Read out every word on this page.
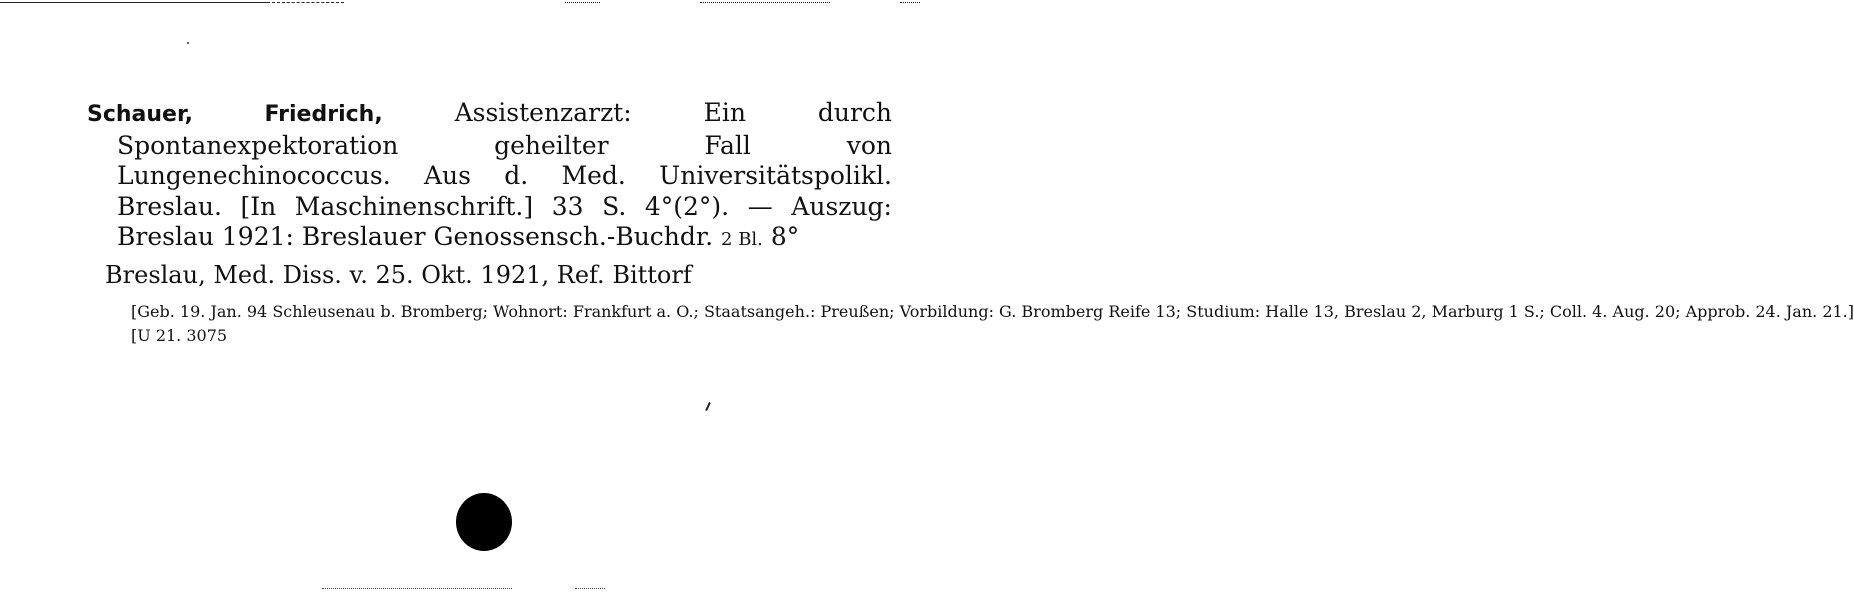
Schauer, Friedrich,	Assistenzarzt: Ein durch Spontanexpektoration geheilter Fall von Lungenechinococcus. Aus d. Med. Universitätspolikl. Breslau. [In Maschinenschrift.] 33 S. 4°(2°). — Auszug: Breslau 1921: Breslauer Genossensch.-Buchdr. 2 Bl. 8°

Breslau, Med. Diss. v. 25. Okt. 1921, Ref. Bittorf

[Geb. 19. Jan. 94 Schleusenau b. Bromberg; Wohnort: Frankfurt a. O.; Staatsangeh.: Preußen; Vorbildung: G. Bromberg Reife 13; Studium: Halle 13, Breslau 2, Marburg 1 S.; Coll. 4. Aug. 20; Approb. 24. Jan. 21.] [U 21. 3075
